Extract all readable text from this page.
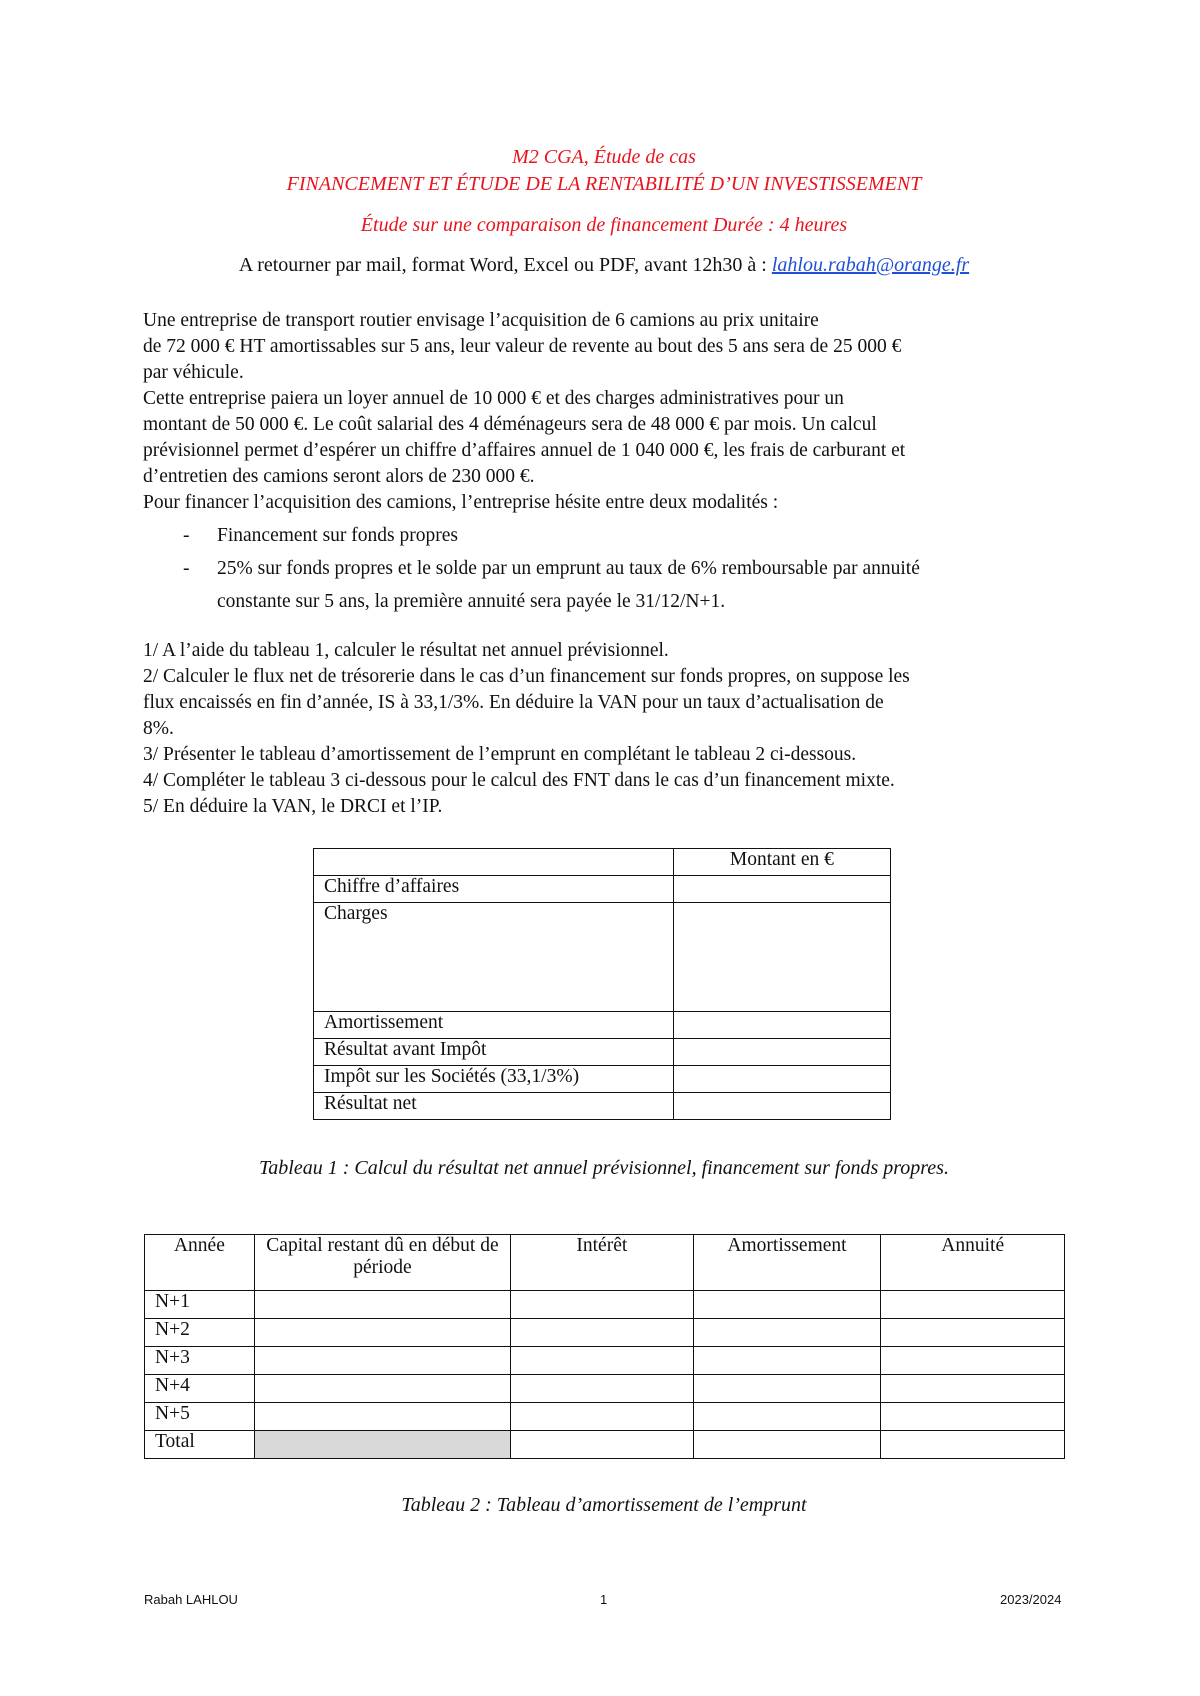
M2 CGA, Étude de cas
FINANCEMENT ET ÉTUDE DE LA RENTABILITÉ D’UN INVESTISSEMENT
Étude sur une comparaison de financement Durée : 4 heures
A retourner par mail, format Word, Excel ou PDF, avant 12h30 à : lahlou.rabah@orange.fr

Une entreprise de transport routier envisage l’acquisition de 6 camions au prix unitaire

de 72 000 € HT amortissables sur 5 ans, leur valeur de revente au bout des 5 ans sera de 25 000 €

par véhicule.

Cette entreprise paiera un loyer annuel de 10 000 € et des charges administratives pour un

montant de 50 000 €. Le coût salarial des 4 déménageurs sera de 48 000 € par mois. Un calcul

prévisionnel permet d’espérer un chiffre d’affaires annuel de 1 040 000 €, les frais de carburant et

d’entretien des camions seront alors de 230 000 €.

Pour financer l’acquisition des camions, l’entreprise hésite entre deux modalités :

- Financement sur fonds propres
- 25% sur fonds propres et le solde par un emprunt au taux de 6% remboursable par annuité
constante sur 5 ans, la première annuité sera payée le 31/12/N+1.

1/ A l’aide du tableau 1, calculer le résultat net annuel prévisionnel.

2/ Calculer le flux net de trésorerie dans le cas d’un financement sur fonds propres, on suppose les

flux encaissés en fin d’année, IS à 33,1/3%. En déduire la VAN pour un taux d’actualisation de

8%.

3/ Présenter le tableau d’amortissement de l’emprunt en complétant le tableau 2 ci-dessous.

4/ Compléter le tableau 3 ci-dessous pour le calcul des FNT dans le cas d’un financement mixte.

5/ En déduire la VAN, le DRCI et l’IP.

	Montant en €
Chiffre d’affaires	
Charges	
Amortissement	
Résultat avant Impôt	
Impôt sur les Sociétés (33,1/3%)	
Résultat net	
Tableau 1 : Calcul du résultat net annuel prévisionnel, financement sur fonds propres.
Année	Capital restant dû en début de période	Intérêt	Amortissement	Annuité
N+1				
N+2				
N+3				
N+4				
N+5				
Total				
Tableau 2 : Tableau d’amortissement de l’emprunt
Rabah LAHLOU	1	2023/2024
